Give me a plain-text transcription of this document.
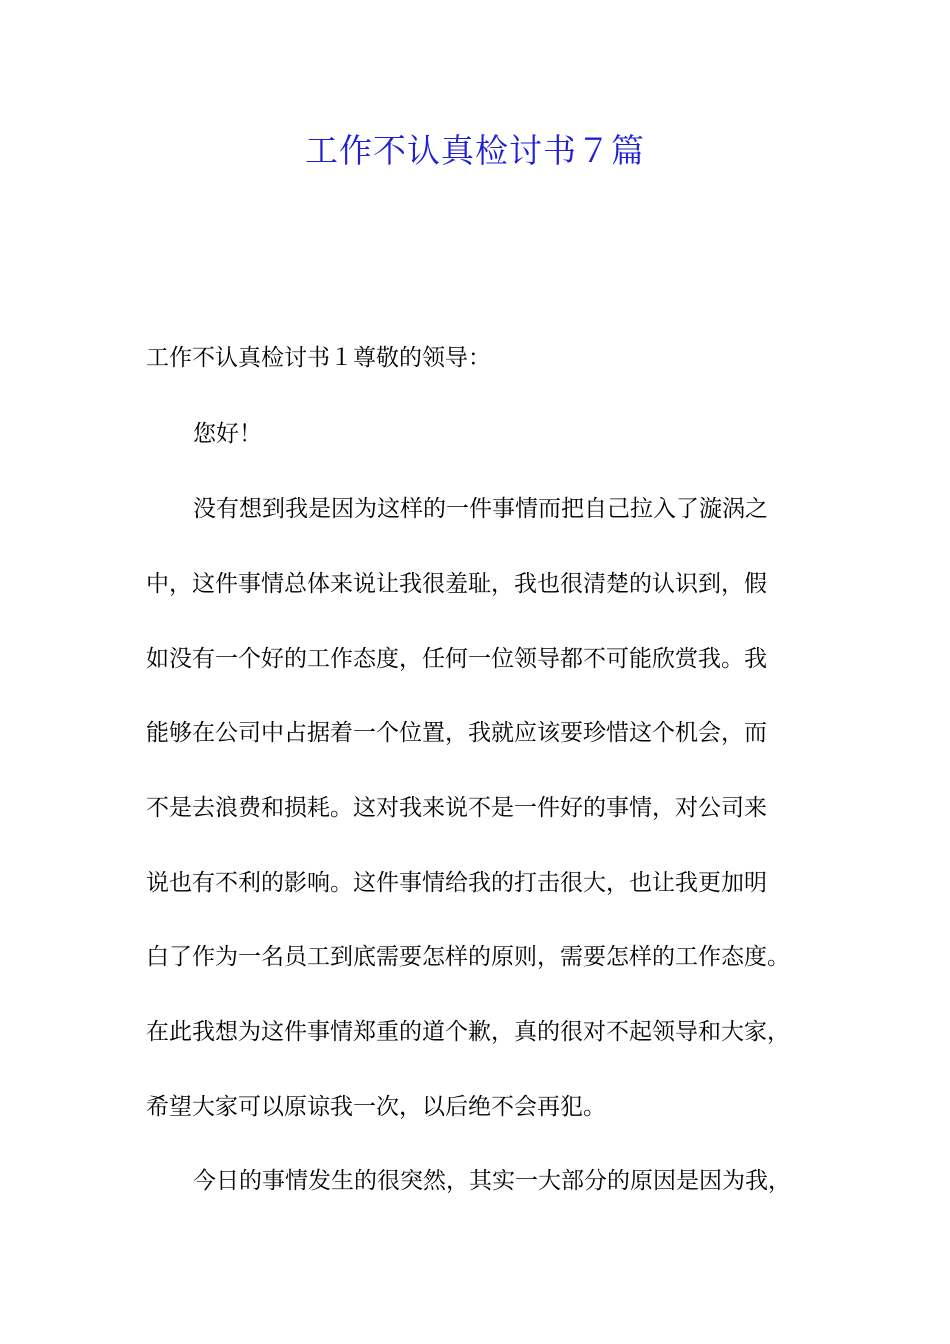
工作不认真检讨书７篇

工作不认真检讨书１尊敬的领导：

您好！

没有想到我是因为这样的一件事情而把自己拉入了漩涡之

中，这件事情总体来说让我很羞耻，我也很清楚的认识到，假

如没有一个好的工作态度，任何一位领导都不可能欣赏我。我

能够在公司中占据着一个位置，我就应该要珍惜这个机会，而

不是去浪费和损耗。这对我来说不是一件好的事情，对公司来

说也有不利的影响。这件事情给我的打击很大，也让我更加明

白了作为一名员工到底需要怎样的原则，需要怎样的工作态度。

在此我想为这件事情郑重的道个歉，真的很对不起领导和大家，

希望大家可以原谅我一次，以后绝不会再犯。

今日的事情发生的很突然，其实一大部分的原因是因为我，
